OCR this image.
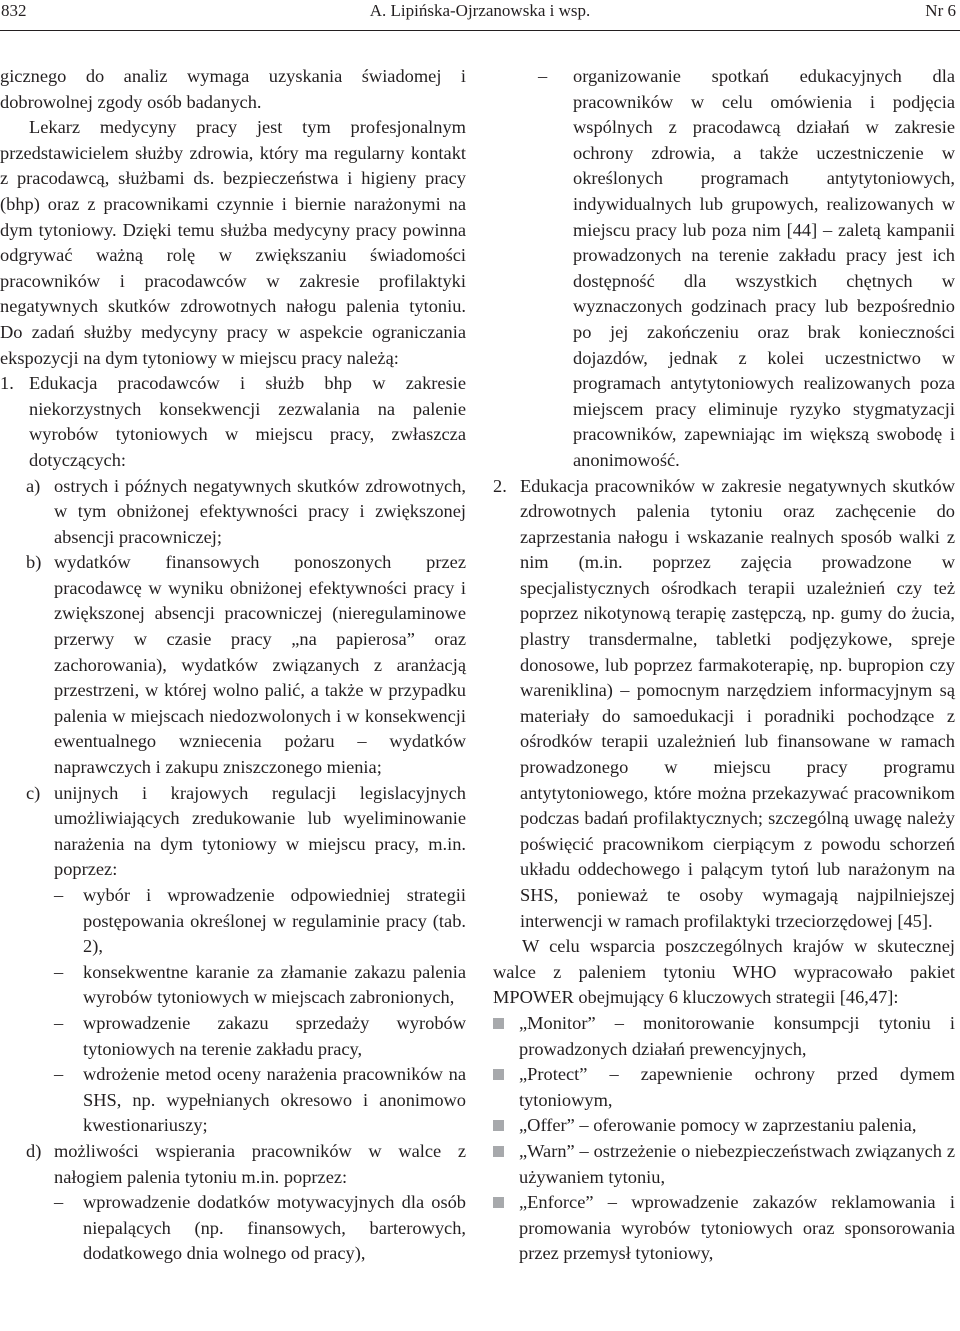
832	A. Lipińska-Ojrzanowska i wsp.	Nr 6

gicznego do analiz wymaga uzyskania świadomej i dobrowolnej zgody osób badanych.

Lekarz medycyny pracy jest tym profesjonalnym przedstawicielem służby zdrowia, który ma regularny kontakt z pracodawcą, służbami ds. bezpieczeństwa i higieny pracy (bhp) oraz z pracownikami czynnie i biernie narażonymi na dym tytoniowy. Dzięki temu służba medycyny pracy powinna odgrywać ważną rolę w zwiększaniu świadomości pracowników i pracodawców w zakresie profilaktyki negatywnych skutków zdrowotnych nałogu palenia tytoniu. Do zadań służby medycyny pracy w aspekcie ograniczania ekspozycji na dym tytoniowy w miejscu pracy należą:

1. Edukacja pracodawców i służb bhp w zakresie niekorzystnych konsekwencji zezwalania na palenie wyrobów tytoniowych w miejscu pracy, zwłaszcza dotyczących:
a) ostrych i późnych negatywnych skutków zdrowotnych, w tym obniżonej efektywności pracy i zwiększonej absencji pracowniczej;
b) wydatków finansowych ponoszonych przez pracodawcę w wyniku obniżonej efektywności pracy i zwiększonej absencji pracowniczej (nieregulaminowe przerwy w czasie pracy „na papierosa” oraz zachorowania), wydatków związanych z aranżacją przestrzeni, w której wolno palić, a także w przypadku palenia w miejscach niedozwolonych i w konsekwencji ewentualnego wzniecenia pożaru – wydatków naprawczych i zakupu zniszczonego mienia;
c) unijnych i krajowych regulacji legislacyjnych umożliwiających zredukowanie lub wyeliminowanie narażenia na dym tytoniowy w miejscu pracy, m.in. poprzez:
– wybór i wprowadzenie odpowiedniej strategii postępowania określonej w regulaminie pracy (tab. 2),
– konsekwentne karanie za złamanie zakazu palenia wyrobów tytoniowych w miejscach zabronionych,
– wprowadzenie zakazu sprzedaży wyrobów tytoniowych na terenie zakładu pracy,
– wdrożenie metod oceny narażenia pracowników na SHS, np. wypełnianych okresowo i anonimowo kwestionariuszy;
d) możliwości wspierania pracowników w walce z nałogiem palenia tytoniu m.in. poprzez:
– wprowadzenie dodatków motywacyjnych dla osób niepalących (np. finansowych, barterowych, dodatkowego dnia wolnego od pracy),
– organizowanie spotkań edukacyjnych dla pracowników w celu omówienia i podjęcia wspólnych z pracodawcą działań w zakresie ochrony zdrowia, a także uczestniczenie w określonych programach antytytoniowych, indywidualnych lub grupowych, realizowanych w miejscu pracy lub poza nim [44] – zaletą kampanii prowadzonych na terenie zakładu pracy jest ich dostępność dla wszystkich chętnych w wyznaczonych godzinach pracy lub bezpośrednio po jej zakończeniu oraz brak konieczności dojazdów, jednak z kolei uczestnictwo w programach antytytoniowych realizowanych poza miejscem pracy eliminuje ryzyko stygmatyzacji pracowników, zapewniając im większą swobodę i anonimowość.
2. Edukacja pracowników w zakresie negatywnych skutków zdrowotnych palenia tytoniu oraz zachęcenie do zaprzestania nałogu i wskazanie realnych sposób walki z nim (m.in. poprzez zajęcia prowadzone w specjalistycznych ośrodkach terapii uzależnień czy też poprzez nikotynową terapię zastępczą, np. gumy do żucia, plastry transdermalne, tabletki podjęzykowe, spreje donosowe, lub poprzez farmakoterapię, np. bupropion czy wareniklina) – pomocnym narzędziem informacyjnym są materiały do samoedukacji i poradniki pochodzące z ośrodków terapii uzależnień lub finansowane w ramach prowadzonego w miejscu pracy programu antytytoniowego, które można przekazywać pracownikom podczas badań profilaktycznych; szczególną uwagę należy poświęcić pracownikom cierpiącym z powodu schorzeń układu oddechowego i palącym tytoń lub narażonym na SHS, ponieważ te osoby wymagają najpilniejszej interwencji w ramach profilaktyki trzeciorzędowej [45].

W celu wsparcia poszczególnych krajów w skutecznej walce z paleniem tytoniu WHO wypracowało pakiet MPOWER obejmujący 6 kluczowych strategii [46,47]:

„Monitor” – monitorowanie konsumpcji tytoniu i prowadzonych działań prewencyjnych,
„Protect” – zapewnienie ochrony przed dymem tytoniowym,
„Offer” – oferowanie pomocy w zaprzestaniu palenia,
„Warn” – ostrzeżenie o niebezpieczeństwach związanych z używaniem tytoniu,
„Enforce” – wprowadzenie zakazów reklamowania i promowania wyrobów tytoniowych oraz sponsorowania przez przemysł tytoniowy,
